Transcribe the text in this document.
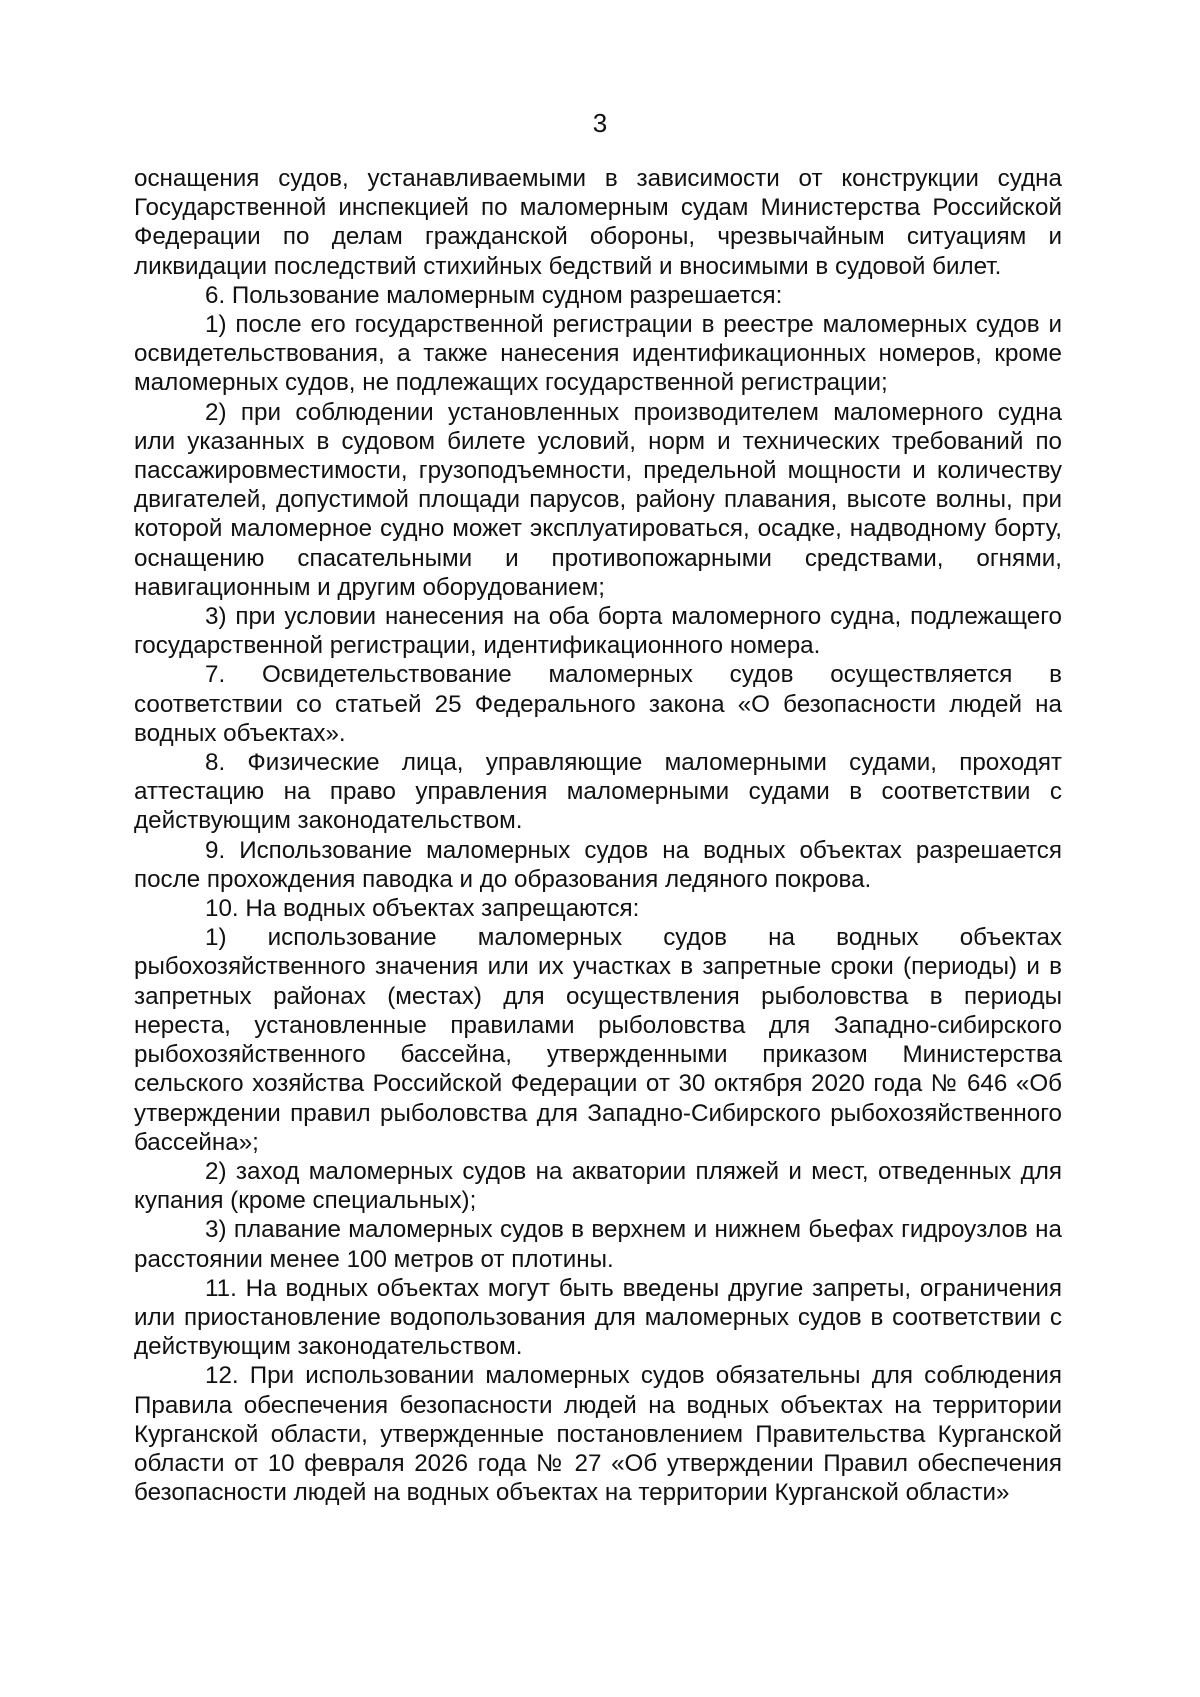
3

оснащения судов, устанавливаемыми в зависимости от конструкции судна Государственной инспекцией по маломерным судам Министерства Российской Федерации по делам гражданской обороны, чрезвычайным ситуациям и ликвидации последствий стихийных бедствий и вносимыми в судовой билет.

6. Пользование маломерным судном разрешается:

1) после его государственной регистрации в реестре маломерных судов и освидетельствования, а также нанесения идентификационных номеров, кроме маломерных судов, не подлежащих государственной регистрации;

2) при соблюдении установленных производителем маломерного судна или указанных в судовом билете условий, норм и технических требований по пассажировместимости, грузоподъемности, предельной мощности и количеству двигателей, допустимой площади парусов, району плавания, высоте волны, при которой маломерное судно может эксплуатироваться, осадке, надводному борту, оснащению спасательными и противопожарными средствами, огнями, навигационным и другим оборудованием;

3) при условии нанесения на оба борта маломерного судна, подлежащего государственной регистрации, идентификационного номера.

7. Освидетельствование маломерных судов осуществляется в соответствии со статьей 25 Федерального закона «О безопасности людей на водных объектах».

8. Физические лица, управляющие маломерными судами, проходят аттестацию на право управления маломерными судами в соответствии с действующим законодательством.

9. Использование маломерных судов на водных объектах разрешается после прохождения паводка и до образования ледяного покрова.

10. На водных объектах запрещаются:

1) использование маломерных судов на водных объектах рыбохозяйственного значения или их участках в запретные сроки (периоды) и в запретных районах (местах) для осуществления рыболовства в периоды нереста, установленные правилами рыболовства для Западно-сибирского рыбохозяйственного бассейна, утвержденными приказом Министерства сельского хозяйства Российской Федерации от 30 октября 2020 года № 646 «Об утверждении правил рыболовства для Западно-Сибирского рыбохозяйственного бассейна»;

2) заход маломерных судов на акватории пляжей и мест, отведенных для купания (кроме специальных);

3) плавание маломерных судов в верхнем и нижнем бьефах гидроузлов на расстоянии менее 100 метров от плотины.

11. На водных объектах могут быть введены другие запреты, ограничения или приостановление водопользования для маломерных судов в соответствии с действующим законодательством.

12. При использовании маломерных судов обязательны для соблюдения Правила обеспечения безопасности людей на водных объектах на территории Курганской области, утвержденные постановлением Правительства Курганской области от 10 февраля 2026 года № 27 «Об утверждении Правил обеспечения безопасности людей на водных объектах на территории Курганской области»
